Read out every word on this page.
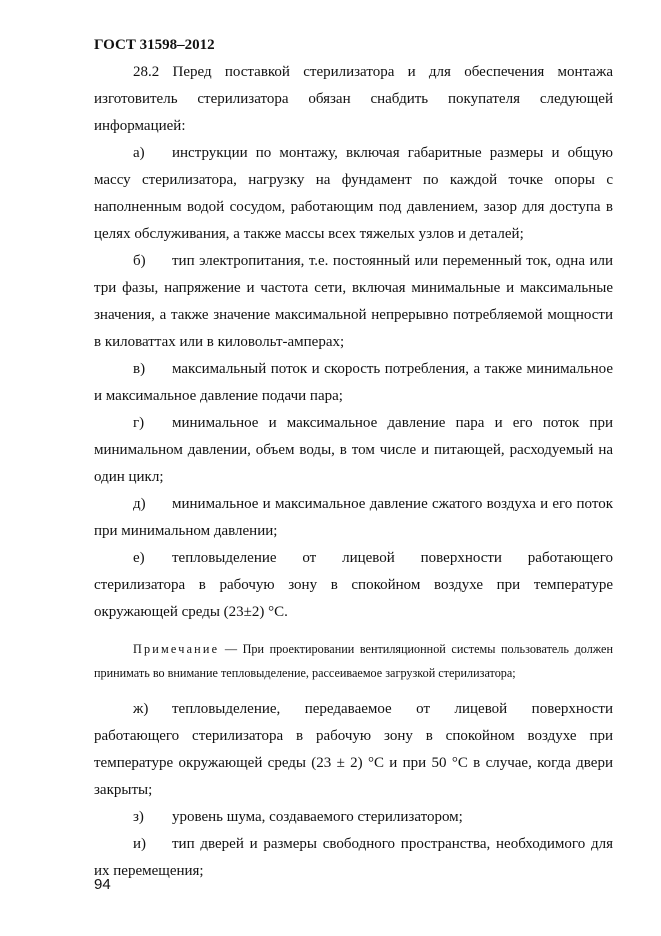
ГОСТ 31598–2012

28.2 Перед поставкой стерилизатора и для обеспечения монтажа изготовитель стерилизатора обязан снабдить покупателя следующей информацией:

а) инструкции по монтажу, включая габаритные размеры и общую массу стерилизатора, нагрузку на фундамент по каждой точке опоры с наполненным водой сосудом, работающим под давлением, зазор для доступа в целях обслуживания, а также массы всех тяжелых узлов и деталей;

б) тип электропитания, т.е. постоянный или переменный ток, одна или три фазы, напряжение и частота сети, включая минимальные и максимальные значения, а также значение максимальной непрерывно потребляемой мощности в киловаттах или в киловольт-амперах;

в) максимальный поток и скорость потребления, а также минимальное и максимальное давление подачи пара;

г) минимальное и максимальное давление пара и его поток при минимальном давлении, объем воды, в том числе и питающей, расходуемый на один цикл;

д) минимальное и максимальное давление сжатого воздуха и его поток при минимальном давлении;

е) тепловыделение от лицевой поверхности работающего стерилизатора в рабочую зону в спокойном воздухе при температуре окружающей среды (23±2) °С.

Примечание — При проектировании вентиляционной системы пользователь должен принимать во внимание тепловыделение, рассеиваемое загрузкой стерилизатора;

ж) тепловыделение, передаваемое от лицевой поверхности работающего стерилизатора в рабочую зону в спокойном воздухе при температуре окружающей среды (23 ± 2) °С и при 50 °С в случае, когда двери закрыты;

з) уровень шума, создаваемого стерилизатором;

и) тип дверей и размеры свободного пространства, необходимого для их перемещения;

94
